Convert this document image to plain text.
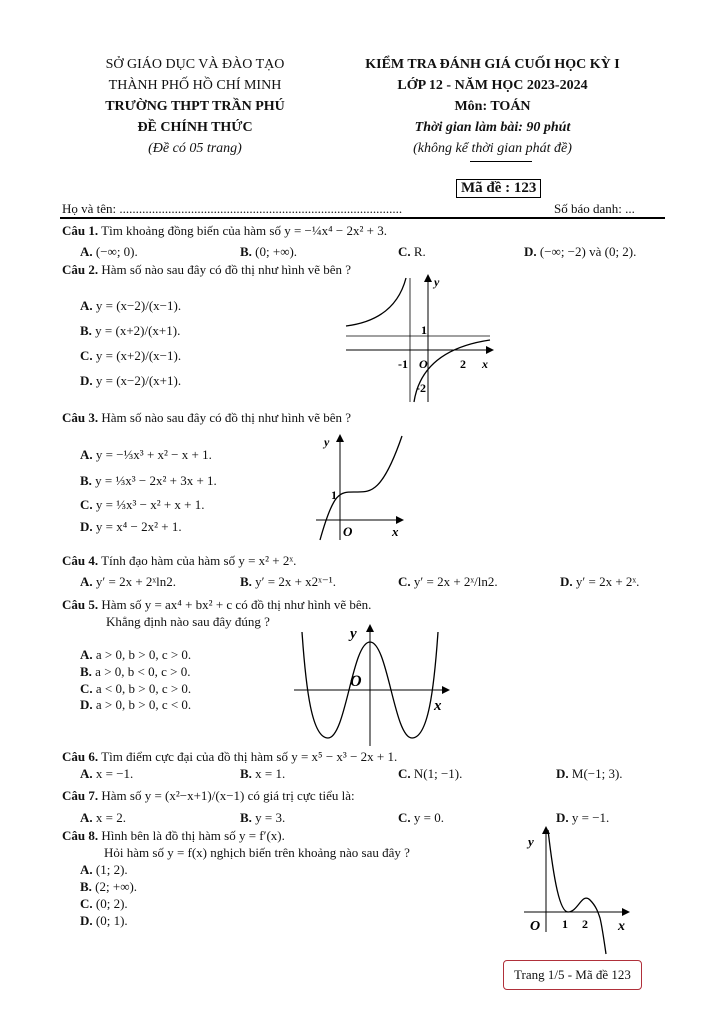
SỞ GIÁO DỤC VÀ ĐÀO TẠO
THÀNH PHỐ HỒ CHÍ MINH
TRƯỜNG THPT TRẦN PHÚ
ĐỀ CHÍNH THỨC
(Đề có 05 trang)
KIỂM TRA ĐÁNH GIÁ CUỐI HỌC KỲ I
LỚP 12 - NĂM HỌC 2023-2024
Môn: TOÁN
Thời gian làm bài: 90 phút
(không kể thời gian phát đề)
Mã đề : 123
Họ và tên: .......................................................................................	Số báo danh: ...
Câu 1. Tìm khoảng đồng biến của hàm số y = −¼x⁴ − 2x² + 3.
A. (−∞; 0).	B. (0; +∞).	C. R.	D. (−∞; −2) và (0; 2).
Câu 2. Hàm số nào sau đây có đồ thị như hình vẽ bên ?
A. y = (x−2)/(x−1).
B. y = (x+2)/(x+1).
C. y = (x+2)/(x−1).
D. y = (x−2)/(x+1).
y
x
O
1
-1	2
-2
Câu 3. Hàm số nào sau đây có đồ thị như hình vẽ bên ?
A. y = −⅓x³ + x² − x + 1.
B. y = ⅓x³ − 2x² + 3x + 1.
C. y = ⅓x³ − x² + x + 1.
D. y = x⁴ − 2x² + 1.
y
x
O
1
Câu 4. Tính đạo hàm của hàm số y = x² + 2ˣ.
A. y′ = 2x + 2ˣln2.	B. y′ = 2x + x2ˣ⁻¹.	C. y′ = 2x + 2ˣ/ln2.	D. y′ = 2x + 2ˣ.
Câu 5. Hàm số y = ax⁴ + bx² + c có đồ thị như hình vẽ bên.
Khẳng định nào sau đây đúng ?
A. a > 0, b > 0, c > 0.
B. a > 0, b < 0, c > 0.
C. a < 0, b > 0, c > 0.
D. a > 0, b > 0, c < 0.
y
x
O
Câu 6. Tìm điểm cực đại của đồ thị hàm số y = x⁵ − x³ − 2x + 1.
A. x = −1.	B. x = 1.	C. N(1; −1).	D. M(−1; 3).
Câu 7. Hàm số y = (x²−x+1)/(x−1) có giá trị cực tiểu là:
A. x = 2.	B. y = 3.	C. y = 0.	D. y = −1.
Câu 8. Hình bên là đồ thị hàm số y = f′(x).
Hỏi hàm số y = f(x) nghịch biến trên khoảng nào sau đây ?
A. (1; 2).
B. (2; +∞).
C. (0; 2).
D. (0; 1).
y
x
O 1 2
Trang 1/5 - Mã đề 123
